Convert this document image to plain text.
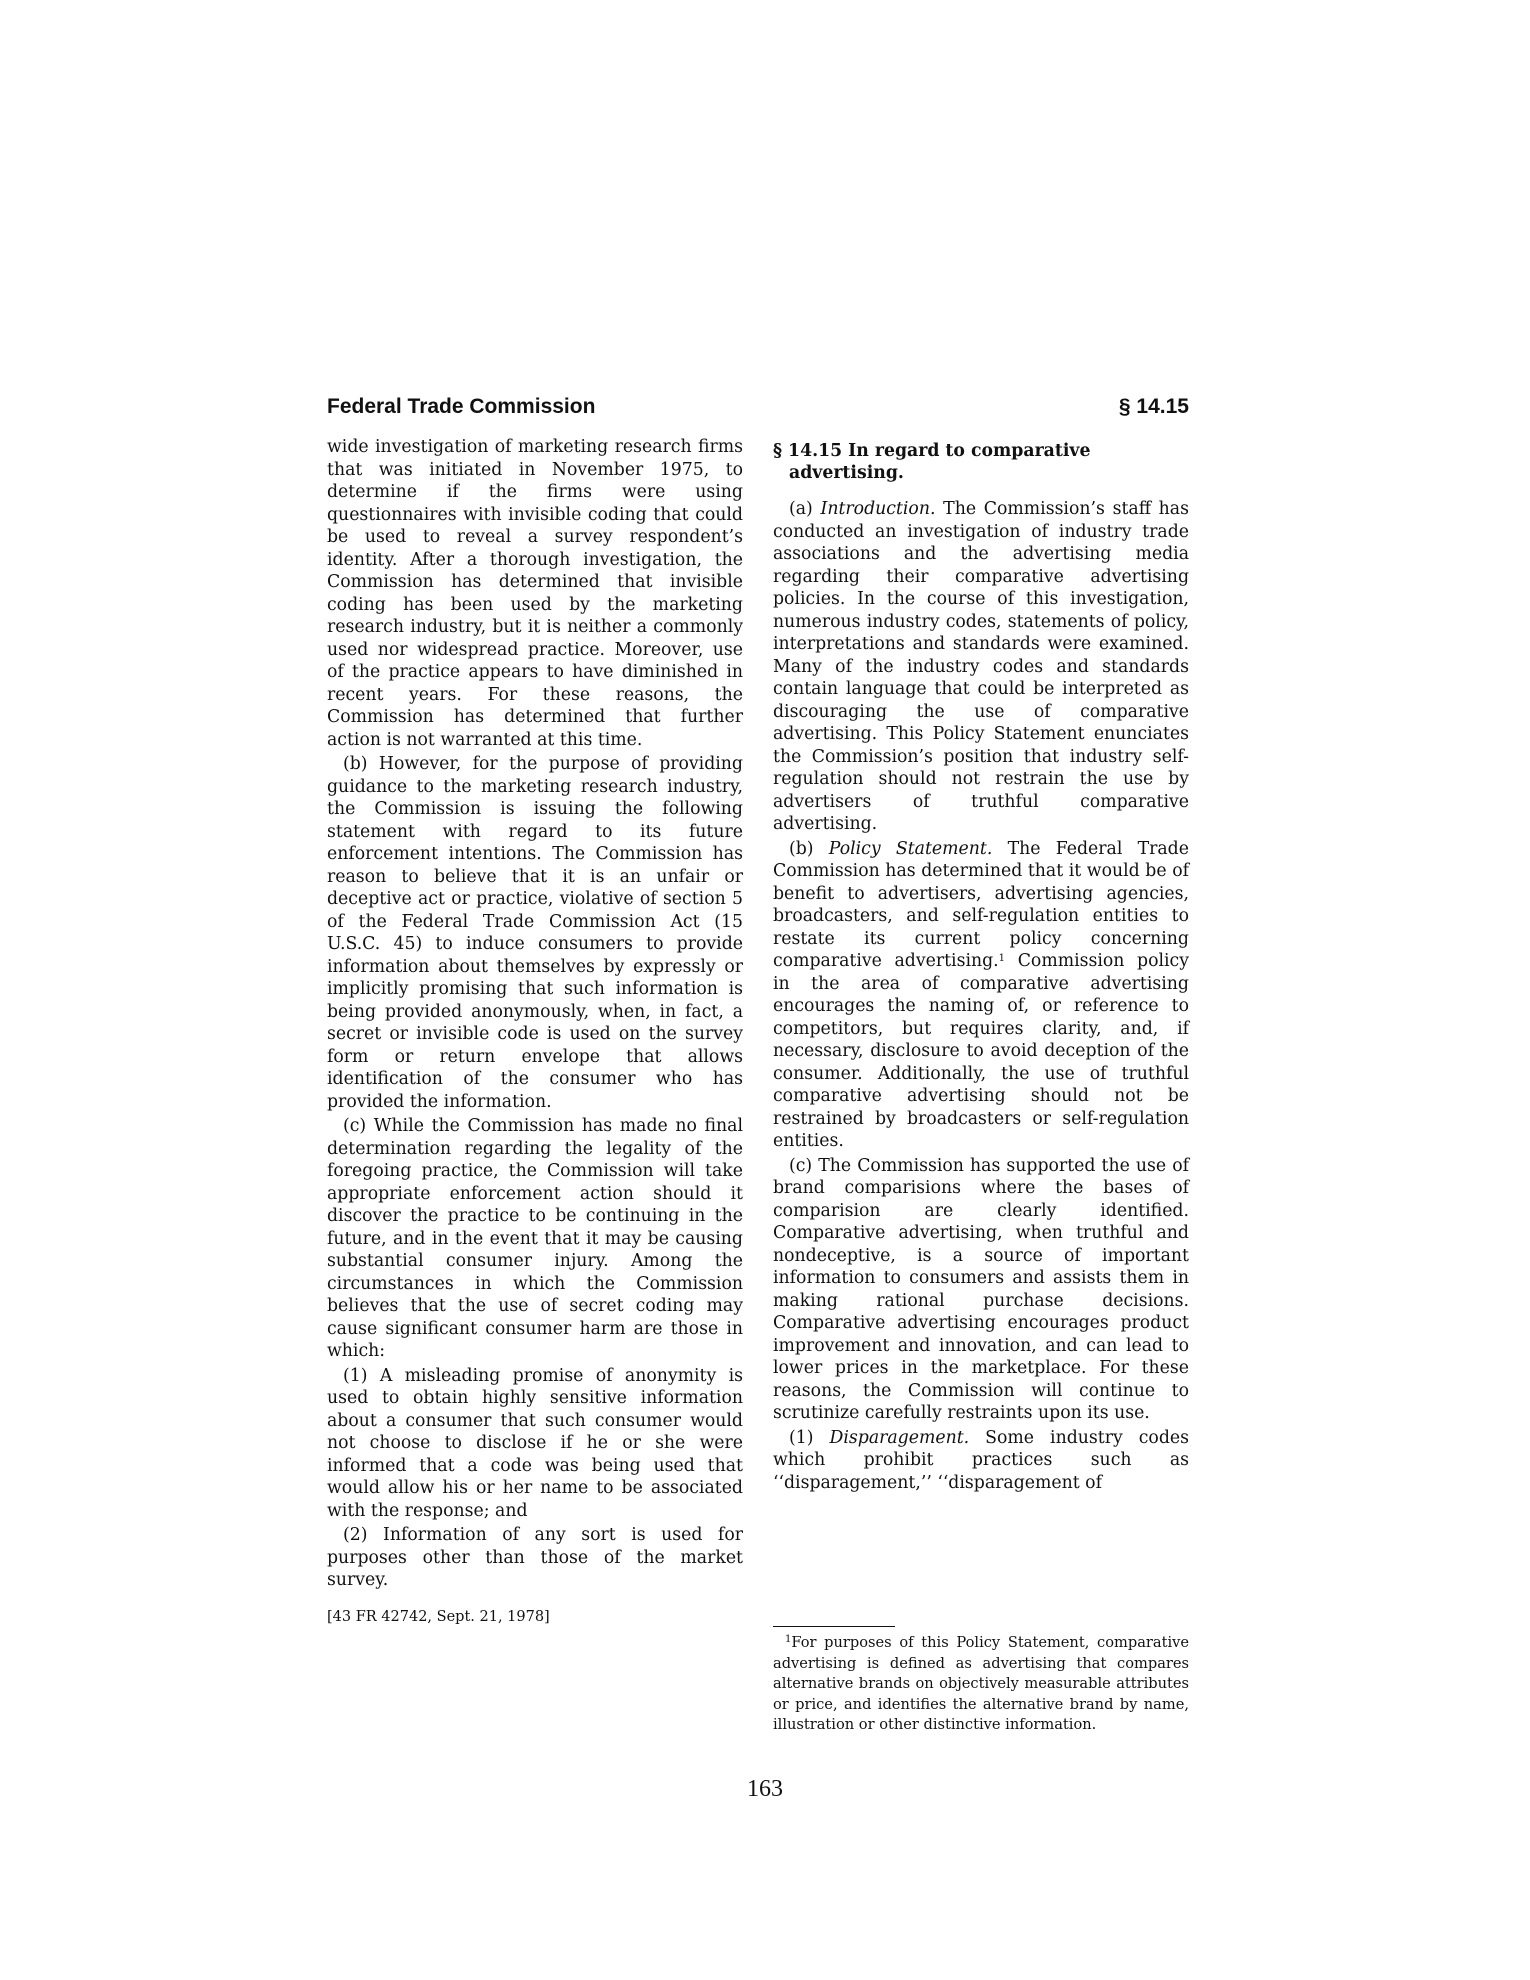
Federal Trade Commission	§ 14.15

wide investigation of marketing research firms that was initiated in November 1975, to determine if the firms were using questionnaires with invisible coding that could be used to reveal a survey respondent’s identity. After a thorough investigation, the Commission has determined that invisible coding has been used by the marketing research industry, but it is neither a commonly used nor widespread practice. Moreover, use of the practice appears to have diminished in recent years. For these reasons, the Commission has determined that further action is not warranted at this time.

(b) However, for the purpose of providing guidance to the marketing research industry, the Commission is issuing the following statement with regard to its future enforcement intentions. The Commission has reason to believe that it is an unfair or deceptive act or practice, violative of section 5 of the Federal Trade Commission Act (15 U.S.C. 45) to induce consumers to provide information about themselves by expressly or implicitly promising that such information is being provided anonymously, when, in fact, a secret or invisible code is used on the survey form or return envelope that allows identification of the consumer who has provided the information.

(c) While the Commission has made no final determination regarding the legality of the foregoing practice, the Commission will take appropriate enforcement action should it discover the practice to be continuing in the future, and in the event that it may be causing substantial consumer injury. Among the circumstances in which the Commission believes that the use of secret coding may cause significant consumer harm are those in which:

(1) A misleading promise of anonymity is used to obtain highly sensitive information about a consumer that such consumer would not choose to disclose if he or she were informed that a code was being used that would allow his or her name to be associated with the response; and

(2) Information of any sort is used for purposes other than those of the market survey.

[43 FR 42742, Sept. 21, 1978]
§ 14.15 In regard to comparative advertising.

(a) Introduction. The Commission’s staff has conducted an investigation of industry trade associations and the advertising media regarding their comparative advertising policies. In the course of this investigation, numerous industry codes, statements of policy, interpretations and standards were examined. Many of the industry codes and standards contain language that could be interpreted as discouraging the use of comparative advertising. This Policy Statement enunciates the Commission’s position that industry self-regulation should not restrain the use by advertisers of truthful comparative advertising.

(b) Policy Statement. The Federal Trade Commission has determined that it would be of benefit to advertisers, advertising agencies, broadcasters, and self-regulation entities to restate its current policy concerning comparative advertising.$^1$ Commission policy in the area of comparative advertising encourages the naming of, or reference to competitors, but requires clarity, and, if necessary, disclosure to avoid deception of the consumer. Additionally, the use of truthful comparative advertising should not be restrained by broadcasters or self-regulation entities.

(c) The Commission has supported the use of brand comparisions where the bases of comparision are clearly identified. Comparative advertising, when truthful and nondeceptive, is a source of important information to consumers and assists them in making rational purchase decisions. Comparative advertising encourages product improvement and innovation, and can lead to lower prices in the marketplace. For these reasons, the Commission will continue to scrutinize carefully restraints upon its use.

(1) Disparagement. Some industry codes which prohibit practices such as ‘‘disparagement,’’ ‘‘disparagement of

$^1$For purposes of this Policy Statement, comparative advertising is defined as advertising that compares alternative brands on objectively measurable attributes or price, and identifies the alternative brand by name, illustration or other distinctive information.
163
